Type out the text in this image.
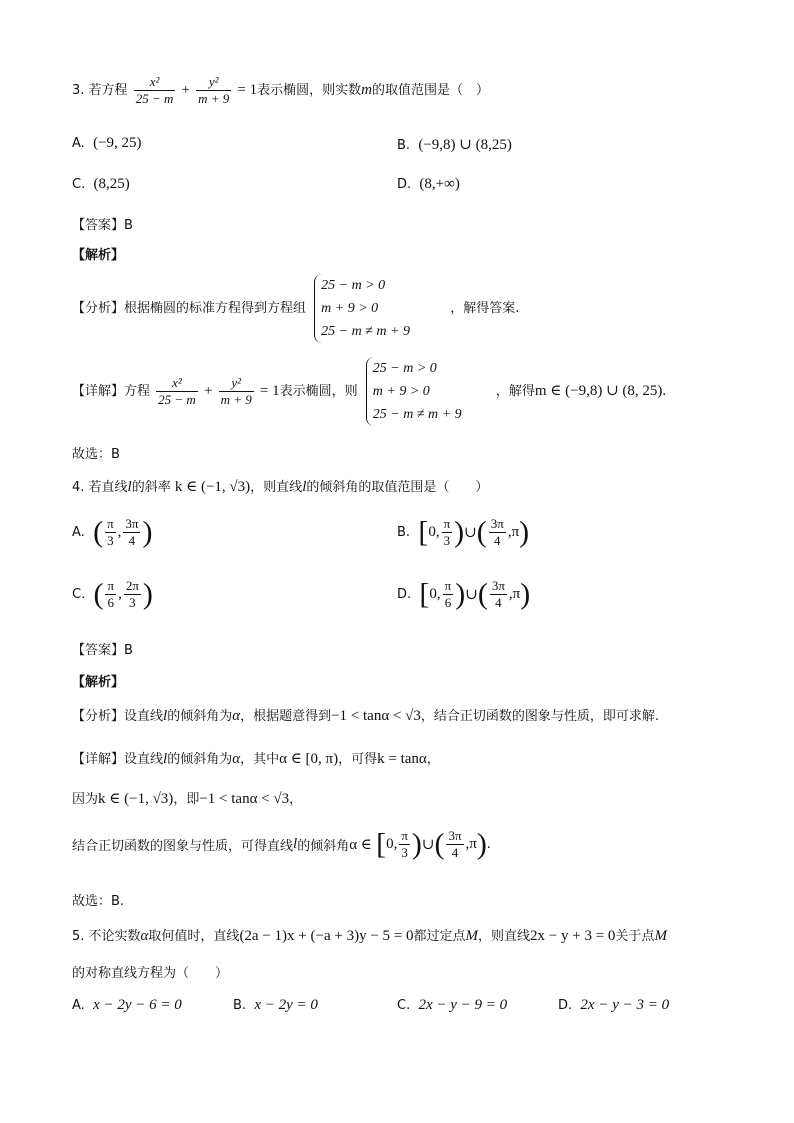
3. 若方程 $\frac{\text{x²}}{25 - m} + \frac{\text{y²}}{m + 9} = 1$表示椭圆，则实数m的取值范围是（　）
A. (−9, 25)	B. (−9,8) ∪ (8,25)
C. (8,25)	D. (8,+∞)
【答案】B
【解析】
【分析】根据椭圆的标准方程得到方程组
25 − m > 0
m + 9 > 0
25 − m ≠ m + 9
，解得答案.
【详解】方程 $\frac{\text{x²}}{25 - m} + \frac{\text{y²}}{m + 9} = 1$表示椭圆，则
25 − m > 0
m + 9 > 0
25 − m ≠ m + 9
，解得m ∈ (−9,8) ∪ (8, 25).
故选：B
4. 若直线l的斜率 k ∈ (−1, √3)，则直线l的倾斜角的取值范围是（　　）
A. ( $\frac{\pi}{3}$ , $\frac{3\pi}{4}$ )	B. [0, $\frac{\pi}{3}$ )∪( $\frac{3\pi}{4} ,\pi$)
C. ( $\frac{\pi}{6}$ , $\frac{2\pi}{3}$ )	D. [0, $\frac{\pi}{6}$ )∪( $\frac{3\pi}{4} ,\pi$)
【答案】B
【解析】
【分析】设直线l的倾斜角为α，根据题意得到−1 < tanα < √3，结合正切函数的图象与性质，即可求解.
【详解】设直线l的倾斜角为α，其中α ∈ [0, π)，可得k = tanα，
因为k ∈ (−1, √3)，即−1 < tanα < √3，
结合正切函数的图象与性质，可得直线l的倾斜角α ∈ [0, $\frac{\pi}{3}$ )∪( $\frac{3\pi}{4} ,\pi$).
故选：B.
5. 不论实数α取何值时，直线(2a − 1)x + (−a + 3)y − 5 = 0都过定点M，则直线2x − y + 3 = 0关于点M
的对称直线方程为（　　）
A. x − 2y − 6 = 0	B. x − 2y = 0	C. 2x − y − 9 = 0	D. 2x − y − 3 = 0
